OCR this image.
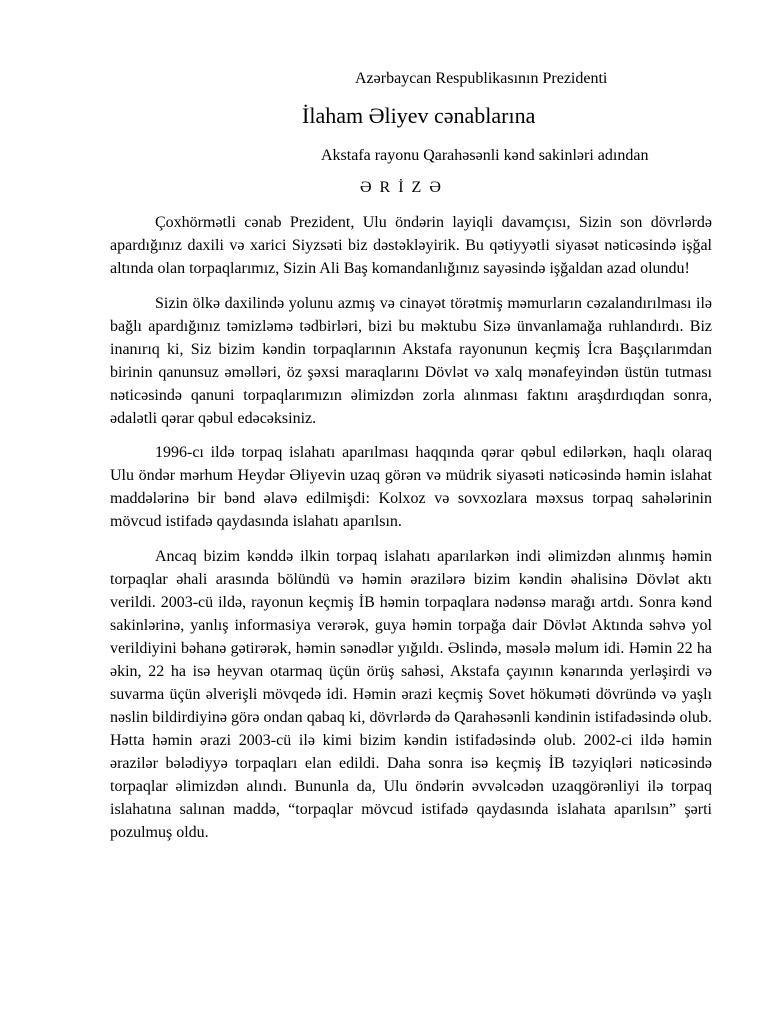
Azərbaycan Respublikasının Prezidenti
İlaham Əliyev cənablarına
Akstafa rayonu Qarahəsənli kənd sakinləri adından
Ə R İ Z Ə

Çoxhörmətli cənab Prezident, Ulu öndərin layiqli davamçısı, Sizin son dövrlərdə apardığınız daxili və xarici Siyzsəti biz dəstəkləyirik. Bu qətiyyətli siyasət nəticəsində işğal altında olan torpaqlarımız, Sizin Ali Baş komandanlığınız sayəsində işğaldan azad olundu!

Sizin ölkə daxilində yolunu azmış və cinayət törətmiş məmurların cəzalandırılması ilə bağlı apardığınız təmizləmə tədbirləri, bizi bu məktubu Sizə ünvanlamağa ruhlandırdı. Biz inanırıq ki, Siz bizim kəndin torpaqlarının Akstafa rayonunun keçmiş İcra Başçılarımdan birinin qanunsuz əməlləri, öz şəxsi maraqlarını Dövlət və xalq mənafeyindən üstün tutması nəticəsində qanuni torpaqlarımızın əlimizdən zorla alınması faktını araşdırdıqdan sonra, ədalətli qərar qəbul edəcəksiniz.

1996-cı ildə torpaq islahatı aparılması haqqında qərar qəbul edilərkən, haqlı olaraq Ulu öndər mərhum Heydər Əliyevin uzaq görən və müdrik siyasəti nəticəsində həmin islahat maddələrinə bir bənd əlavə edilmişdi: Kolxoz və sovxozlara məxsus torpaq sahələrinin mövcud istifadə qaydasında islahatı aparılsın.

Ancaq bizim kənddə ilkin torpaq islahatı aparılarkən indi əlimizdən alınmış həmin torpaqlar əhali arasında bölündü və həmin ərazilərə bizim kəndin əhalisinə Dövlət aktı verildi. 2003-cü ildə, rayonun keçmiş İB həmin torpaqlara nədənsə marağı artdı. Sonra kənd sakinlərinə, yanlış informasiya verərək, guya həmin torpağa dair Dövlət Aktında səhvə yol verildiyini bəhanə gətirərək, həmin sənədlər yığıldı. Əslində, məsələ məlum idi. Həmin 22 ha əkin, 22 ha isə heyvan otarmaq üçün örüş sahəsi, Akstafa çayının kənarında yerləşirdi və suvarma üçün əlverişli mövqedə idi. Həmin ərazi keçmiş Sovet hökuməti dövründə və yaşlı nəslin bildirdiyinə görə ondan qabaq ki, dövrlərdə də Qarahəsənli kəndinin istifadəsində olub. Hətta həmin ərazi 2003-cü ilə kimi bizim kəndin istifadəsində olub. 2002-ci ildə həmin ərazilər bələdiyyə torpaqları elan edildi. Daha sonra isə keçmiş İB təzyiqləri nəticəsində torpaqlar əlimizdən alındı. Bununla da, Ulu öndərin əvvəlcədən uzaqgörənliyi ilə torpaq islahatına salınan maddə, “torpaqlar mövcud istifadə qaydasında islahata aparılsın” şərti pozulmuş oldu.
